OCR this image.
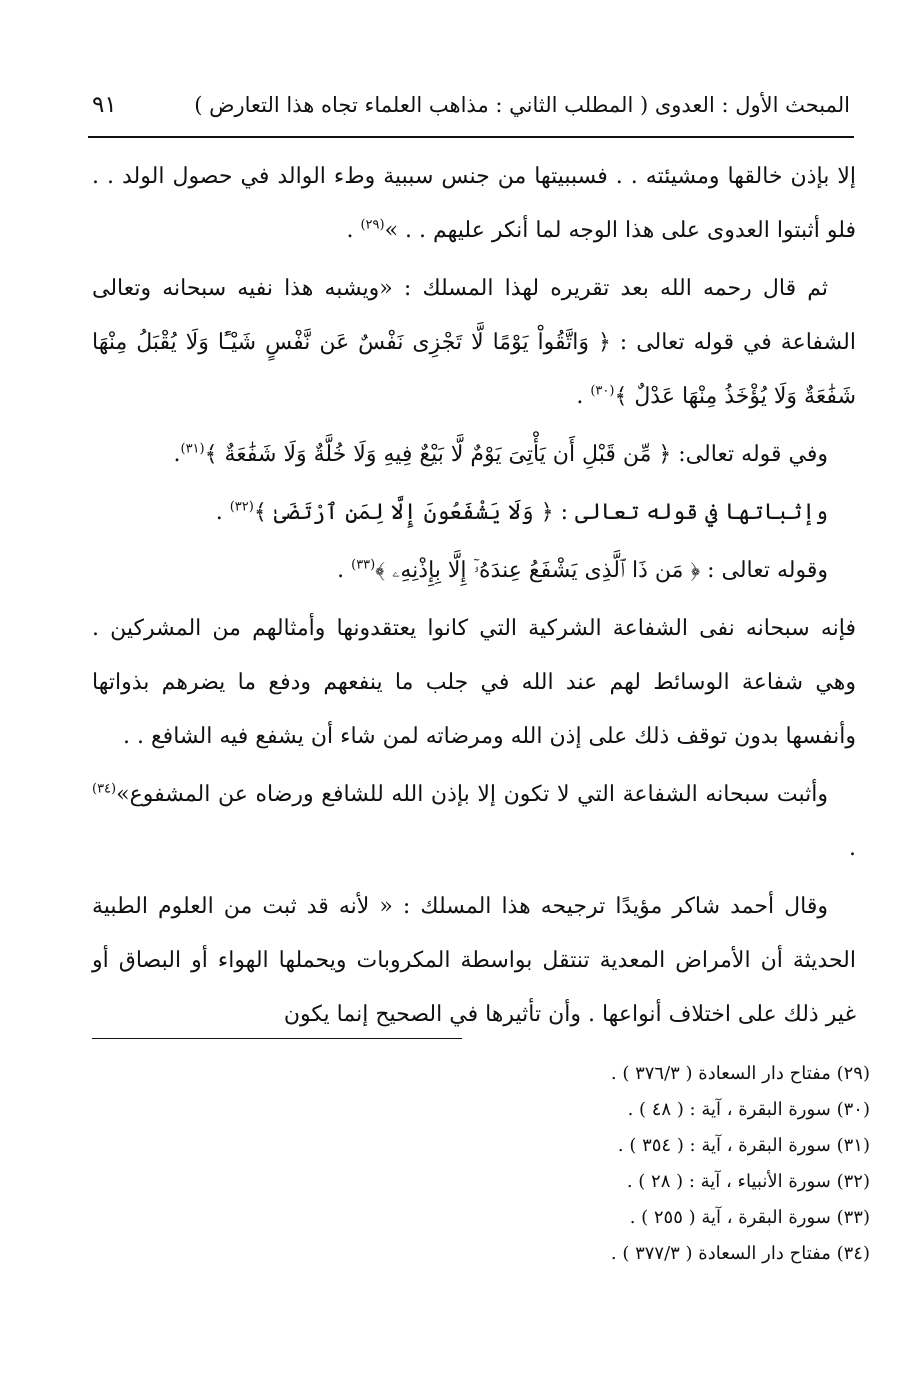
المبحث الأول : العدوى ( المطلب الثاني : مذاهب العلماء تجاه هذا التعارض )
٩١

إلا بإذن خالقها ومشيئته . . فسببيتها من جنس سببية وطء الوالد في حصول الولد . . فلو أثبتوا العدوى على هذا الوجه لما أنكر عليهم . . »$^{(٢٩)}$ .

ثم قال رحمه الله بعد تقريره لهذا المسلك : «ويشبه هذا نفيه سبحانه وتعالى الشفاعة في قوله تعالى : ﴿ وَاتَّقُواْ يَوْمًا لَّا تَجْزِى نَفْسٌ عَن نَّفْسٍ شَيْـًٔا وَلَا يُقْبَلُ مِنْهَا شَفَٰعَةٌ وَلَا يُؤْخَذُ مِنْهَا عَدْلٌ ﴾$^{(٣٠)}$ .

وفي قوله تعالى: ﴿ مِّن قَبْلِ أَن يَأْتِىَ يَوْمٌ لَّا بَيْعٌ فِيهِ وَلَا خُلَّةٌ وَلَا شَفَٰعَةٌ ﴾$^{(٣١)}$.

وإثباتها في قوله تعالى : ﴿ وَلَا يَشْفَعُونَ إِلَّا لِمَنِ ٱرْتَضَىٰ ﴾$^{(٣٢)}$ .

وقوله تعالى : ﴿ مَن ذَا ٱلَّذِى يَشْفَعُ عِندَهُۥٓ إِلَّا بِإِذْنِهِۦ ﴾$^{(٣٣)}$ .

فإنه سبحانه نفى الشفاعة الشركية التي كانوا يعتقدونها وأمثالهم من المشركين . وهي شفاعة الوسائط لهم عند الله في جلب ما ينفعهم ودفع ما يضرهم بذواتها وأنفسها بدون توقف ذلك على إذن الله ومرضاته لمن شاء أن يشفع فيه الشافع . .

وأثبت سبحانه الشفاعة التي لا تكون إلا بإذن الله للشافع ورضاه عن المشفوع»$^{(٣٤)}$ .

وقال أحمد شاكر مؤيدًا ترجيحه هذا المسلك : « لأنه قد ثبت من العلوم الطبية الحديثة أن الأمراض المعدية تنتقل بواسطة المكروبات ويحملها الهواء أو البصاق أو غير ذلك على اختلاف أنواعها . وأن تأثيرها في الصحيح إنما يكون

(٢٩) مفتاح دار السعادة ( ٣٧٦/٣ ) .
(٣٠) سورة البقرة ، آية : ( ٤٨ ) .
(٣١) سورة البقرة ، آية : ( ٣٥٤ ) .
(٣٢) سورة الأنبياء ، آية : ( ٢٨ ) .
(٣٣) سورة البقرة ، آية ( ٢٥٥ ) .
(٣٤) مفتاح دار السعادة ( ٣٧٧/٣ ) .
